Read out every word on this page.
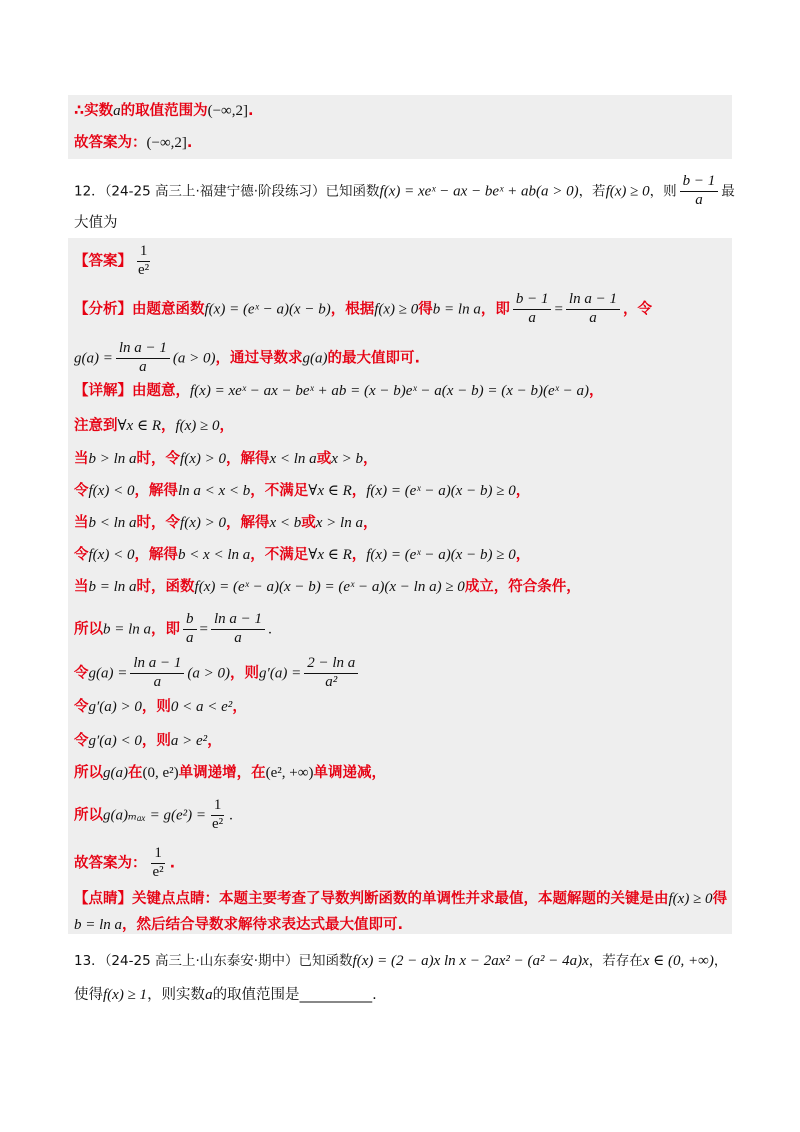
∴实数a的取值范围为(−∞,2].
故答案为：(−∞,2].
12．（24-25 高三上·福建宁德·阶段练习）已知函数f(x) = xeˣ − ax − beˣ + ab(a > 0)，若f(x) ≥ 0，则 $\frac{b - 1}{a}$ 最
大值为
【答案】 $\frac{1}{\text{e²}}$
【分析】由题意函数f(x) = (eˣ − a)(x − b)，根据f(x) ≥ 0得b = ln a，即 $\frac{b - 1}{a} = \frac{\text{ln a − 1}}{a}$ ，令
$g(a) = \frac{\text{ln a − 1}}{a} (a > 0)$，通过导数求g(a)的最大值即可.
【详解】由题意，f(x) = xeˣ − ax − beˣ + ab = (x − b)eˣ − a(x − b) = (x − b)(eˣ − a)，
注意到∀x ∈ R，f(x) ≥ 0，
当b > ln a时，令f(x) > 0，解得x < ln a或x > b，
令f(x) < 0，解得ln a < x < b，不满足∀x ∈ R，f(x) = (eˣ − a)(x − b) ≥ 0，
当b < ln a时，令f(x) > 0，解得x < b或x > ln a，
令f(x) < 0，解得b < x < ln a，不满足∀x ∈ R，f(x) = (eˣ − a)(x − b) ≥ 0，
当b = ln a时，函数f(x) = (eˣ − a)(x − b) = (eˣ − a)(x − ln a) ≥ 0成立，符合条件，
所以b = ln a，即 $\frac{b}{a} = \frac{\text{ln a − 1}}{a}$ .
令$g(a) = \frac{\text{ln a − 1}}{a} (a > 0)$，则$g'(a) = \frac{\text{2 − ln a}}{\text{a²}}$
令g′(a) > 0，则0 < a < e²，
令g′(a) < 0，则a > e²，
所以g(a)在(0, e²)单调递增，在(e², +∞)单调递减，
所以$g(a)_{max} = g(e^2) = \frac{1}{\text{e²}}$ .
故答案为： $\frac{1}{\text{e²}}$ .
【点睛】关键点点睛：本题主要考查了导数判断函数的单调性并求最值，本题解题的关键是由f(x) ≥ 0得
b = ln a，然后结合导数求解待求表达式最大值即可.
13．（24-25 高三上·山东泰安·期中）已知函数f(x) = (2 − a)x ln x − 2ax² − (a² − 4a)x，若存在x ∈ (0, +∞)，
使得f(x) ≥ 1，则实数a的取值范围是__________.
